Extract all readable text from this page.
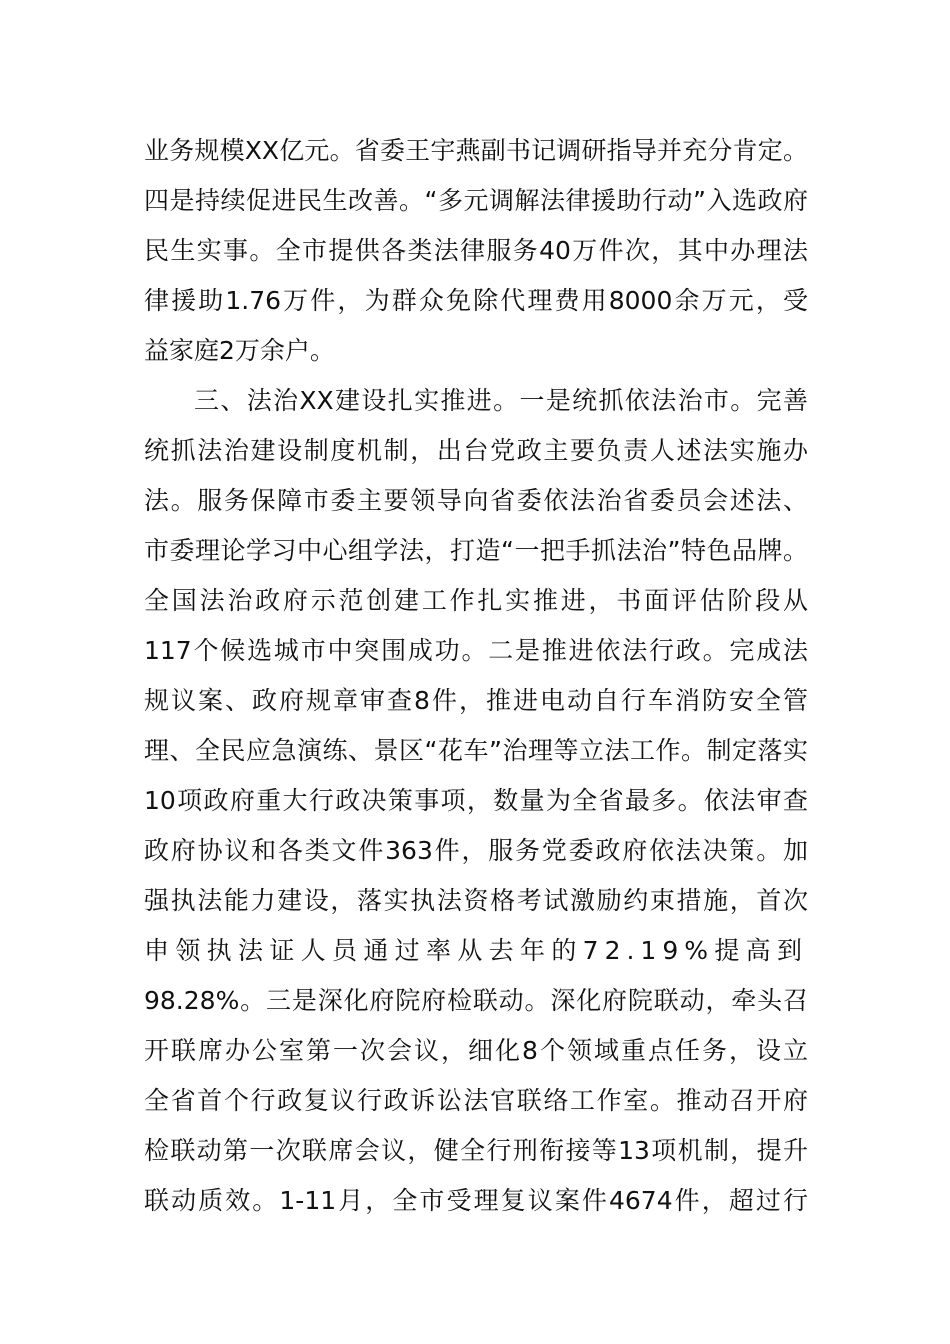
业务规模XX亿元。省委王宇燕副书记调研指导并充分肯定。
四是持续促进民生改善。“多元调解法律援助行动”入选政府
民生实事。全市提供各类法律服务40万件次，其中办理法
律援助1.76万件，为群众免除代理费用8000余万元，受
益家庭2万余户。
三、法治XX建设扎实推进。一是统抓依法治市。完善
统抓法治建设制度机制，出台党政主要负责人述法实施办
法。服务保障市委主要领导向省委依法治省委员会述法、
市委理论学习中心组学法，打造“一把手抓法治”特色品牌。
全国法治政府示范创建工作扎实推进，书面评估阶段从
117个候选城市中突围成功。二是推进依法行政。完成法
规议案、政府规章审查8件，推进电动自行车消防安全管
理、全民应急演练、景区“花车”治理等立法工作。制定落实
10项政府重大行政决策事项，数量为全省最多。依法审查
政府协议和各类文件363件，服务党委政府依法决策。加
强执法能力建设，落实执法资格考试激励约束措施，首次
申领执法证人员通过率从去年的72.19%提高到
98.28%。三是深化府院府检联动。深化府院联动，牵头召
开联席办公室第一次会议，细化8个领域重点任务，设立
全省首个行政复议行政诉讼法官联络工作室。推动召开府
检联动第一次联席会议，健全行刑衔接等13项机制，提升
联动质效。1-11月，全市受理复议案件4674件，超过行
